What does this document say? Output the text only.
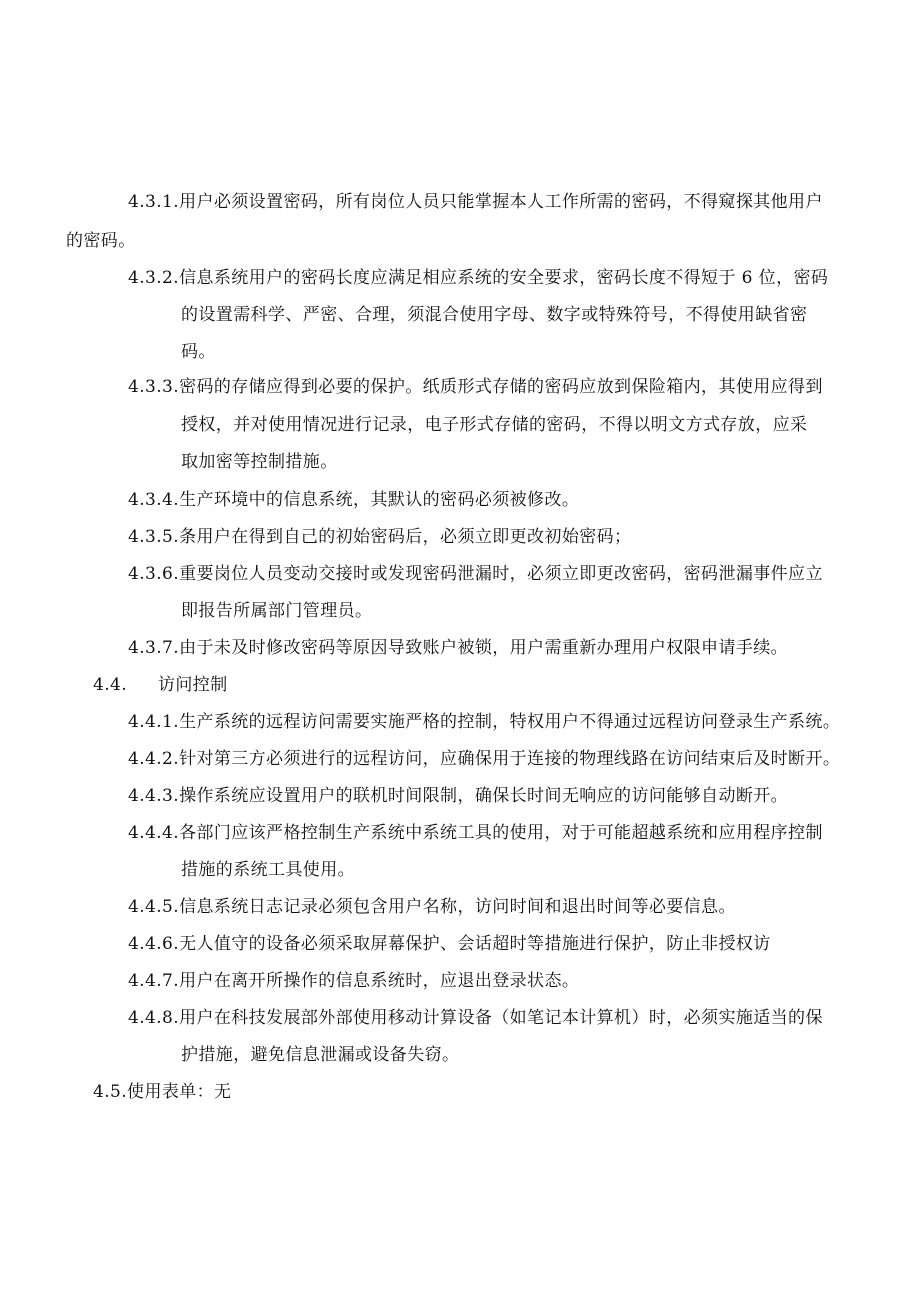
4.3.1.用户必须设置密码，所有岗位人员只能掌握本人工作所需的密码，不得窥探其他用户
的密码。
4.3.2.信息系统用户的密码长度应满足相应系统的安全要求，密码长度不得短于 6 位，密码
的设置需科学、严密、合理，须混合使用字母、数字或特殊符号，不得使用缺省密
码。
4.3.3.密码的存储应得到必要的保护。纸质形式存储的密码应放到保险箱内，其使用应得到
授权，并对使用情况进行记录，电子形式存储的密码，不得以明文方式存放，应采
取加密等控制措施。
4.3.4.生产环境中的信息系统，其默认的密码必须被修改。
4.3.5.条用户在得到自己的初始密码后，必须立即更改初始密码；
4.3.6.重要岗位人员变动交接时或发现密码泄漏时，必须立即更改密码，密码泄漏事件应立
即报告所属部门管理员。
4.3.7.由于未及时修改密码等原因导致账户被锁，用户需重新办理用户权限申请手续。
4.4. 访问控制
4.4.1.生产系统的远程访问需要实施严格的控制，特权用户不得通过远程访问登录生产系统。
4.4.2.针对第三方必须进行的远程访问，应确保用于连接的物理线路在访问结束后及时断开。
4.4.3.操作系统应设置用户的联机时间限制，确保长时间无响应的访问能够自动断开。
4.4.4.各部门应该严格控制生产系统中系统工具的使用，对于可能超越系统和应用程序控制
措施的系统工具使用。
4.4.5.信息系统日志记录必须包含用户名称，访问时间和退出时间等必要信息。
4.4.6.无人值守的设备必须采取屏幕保护、会话超时等措施进行保护，防止非授权访
4.4.7.用户在离开所操作的信息系统时，应退出登录状态。
4.4.8.用户在科技发展部外部使用移动计算设备（如笔记本计算机）时，必须实施适当的保
护措施，避免信息泄漏或设备失窃。
4.5.使用表单：无
